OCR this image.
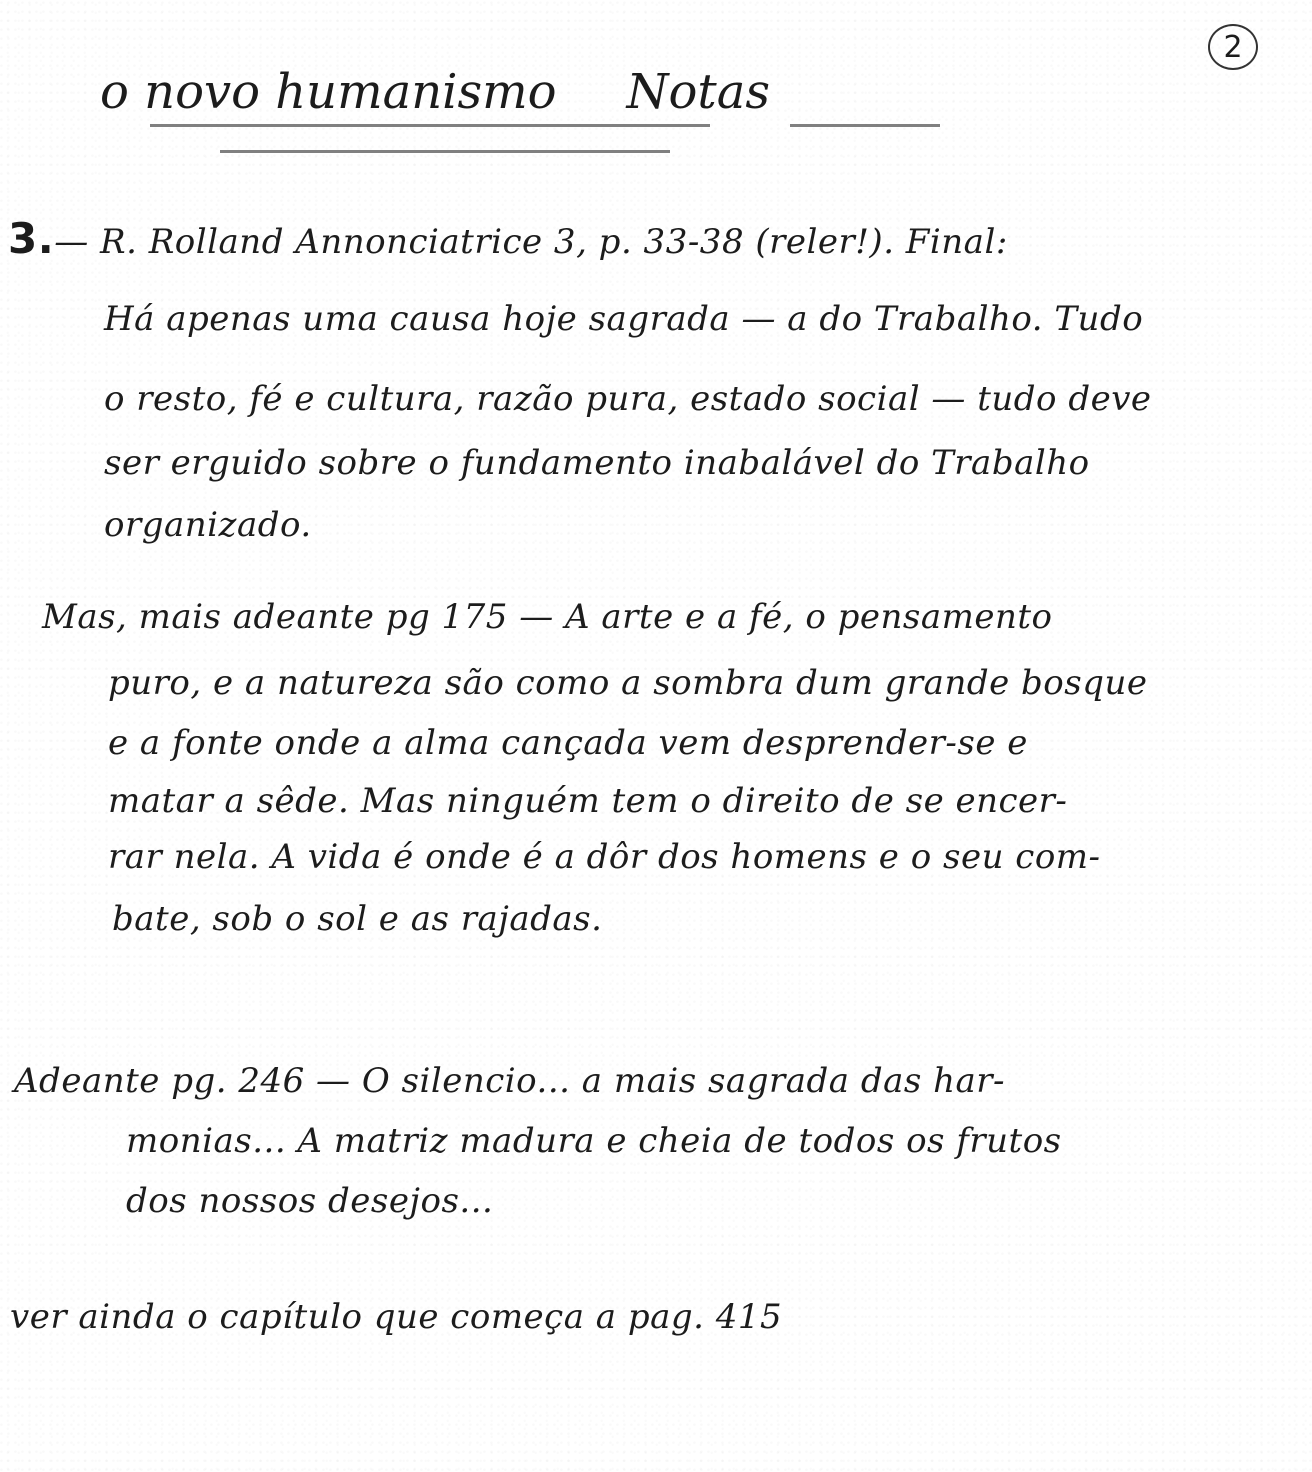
2
o novo humanismo Notas
3.— R. Rolland Annonciatrice 3, p. 33-38 (reler!). Final:
Há apenas uma causa hoje sagrada — a do Trabalho. Tudo
o resto, fé e cultura, razão pura, estado social — tudo deve
ser erguido sobre o fundamento inabalável do Trabalho
organizado.
Mas, mais adeante pg 175 — A arte e a fé, o pensamento
puro, e a natureza são como a sombra dum grande bosque
e a fonte onde a alma cançada vem desprender-se e
matar a sêde. Mas ninguém tem o direito de se encer-
rar nela. A vida é onde é a dôr dos homens e o seu com-
bate, sob o sol e as rajadas.
Adeante pg. 246 — O silencio... a mais sagrada das har-
monias... A matriz madura e cheia de todos os frutos
dos nossos desejos...
ver ainda o capítulo que começa a pag. 415
